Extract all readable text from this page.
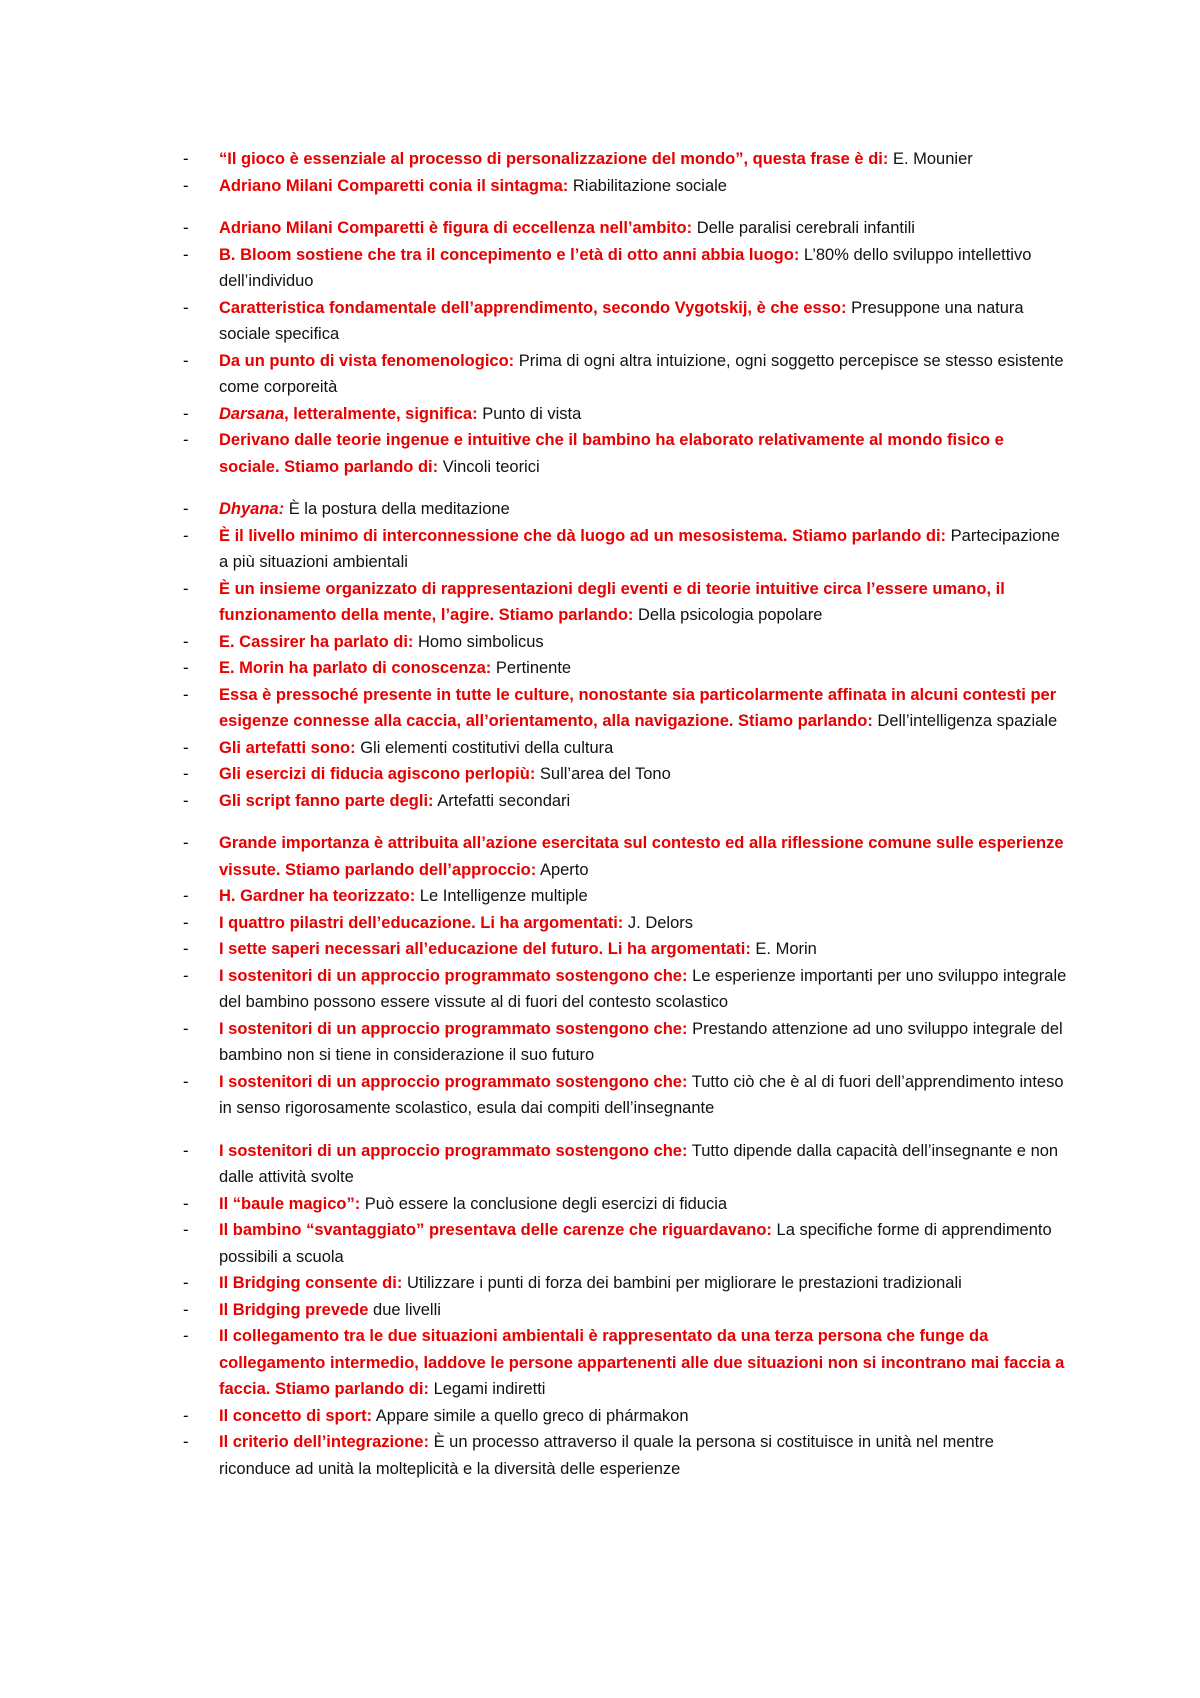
-	“Il gioco è essenziale al processo di personalizzazione del mondo”, questa frase è di: E. Mounier
-	Adriano Milani Comparetti conia il sintagma: Riabilitazione sociale
-	Adriano Milani Comparetti è figura di eccellenza nell’ambito: Delle paralisi cerebrali infantili
-	B. Bloom sostiene che tra il concepimento e l’età di otto anni abbia luogo: L’80% dello sviluppo intellettivo dell’individuo
-	Caratteristica fondamentale dell’apprendimento, secondo Vygotskij, è che esso: Presuppone una natura sociale specifica
-	Da un punto di vista fenomenologico: Prima di ogni altra intuizione, ogni soggetto percepisce se stesso esistente come corporeità
-	Darsana, letteralmente, significa: Punto di vista
-	Derivano dalle teorie ingenue e intuitive che il bambino ha elaborato relativamente al mondo fisico e sociale. Stiamo parlando di: Vincoli teorici
-	Dhyana: È la postura della meditazione
-	È il livello minimo di interconnessione che dà luogo ad un mesosistema. Stiamo parlando di: Partecipazione a più situazioni ambientali
-	È un insieme organizzato di rappresentazioni degli eventi e di teorie intuitive circa l’essere umano, il funzionamento della mente, l’agire. Stiamo parlando: Della psicologia popolare
-	E. Cassirer ha parlato di: Homo simbolicus
-	E. Morin ha parlato di conoscenza: Pertinente
-	Essa è pressoché presente in tutte le culture, nonostante sia particolarmente affinata in alcuni contesti per esigenze connesse alla caccia, all’orientamento, alla navigazione. Stiamo parlando: Dell’intelligenza spaziale
-	Gli artefatti sono: Gli elementi costitutivi della cultura
-	Gli esercizi di fiducia agiscono perlopiù: Sull’area del Tono
-	Gli script fanno parte degli: Artefatti secondari
-	Grande importanza è attribuita all’azione esercitata sul contesto ed alla riflessione comune sulle esperienze vissute. Stiamo parlando dell’approccio: Aperto
-	H. Gardner ha teorizzato: Le Intelligenze multiple
-	I quattro pilastri dell’educazione. Li ha argomentati: J. Delors
-	I sette saperi necessari all’educazione del futuro. Li ha argomentati: E. Morin
-	I sostenitori di un approccio programmato sostengono che: Le esperienze importanti per uno sviluppo integrale del bambino possono essere vissute al di fuori del contesto scolastico
-	I sostenitori di un approccio programmato sostengono che: Prestando attenzione ad uno sviluppo integrale del bambino non si tiene in considerazione il suo futuro
-	I sostenitori di un approccio programmato sostengono che: Tutto ciò che è al di fuori dell’apprendimento inteso in senso rigorosamente scolastico, esula dai compiti dell’insegnante
-	I sostenitori di un approccio programmato sostengono che: Tutto dipende dalla capacità dell’insegnante e non dalle attività svolte
-	Il “baule magico”: Può essere la conclusione degli esercizi di fiducia
-	Il bambino “svantaggiato” presentava delle carenze che riguardavano: La specifiche forme di apprendimento possibili a scuola
-	Il Bridging consente di: Utilizzare i punti di forza dei bambini per migliorare le prestazioni tradizionali
-	Il Bridging prevede due livelli
-	Il collegamento tra le due situazioni ambientali è rappresentato da una terza persona che funge da collegamento intermedio, laddove le persone appartenenti alle due situazioni non si incontrano mai faccia a faccia. Stiamo parlando di: Legami indiretti
-	Il concetto di sport: Appare simile a quello greco di phármakon
-	Il criterio dell’integrazione: È un processo attraverso il quale la persona si costituisce in unità nel mentre riconduce ad unità la molteplicità e la diversità delle esperienze
